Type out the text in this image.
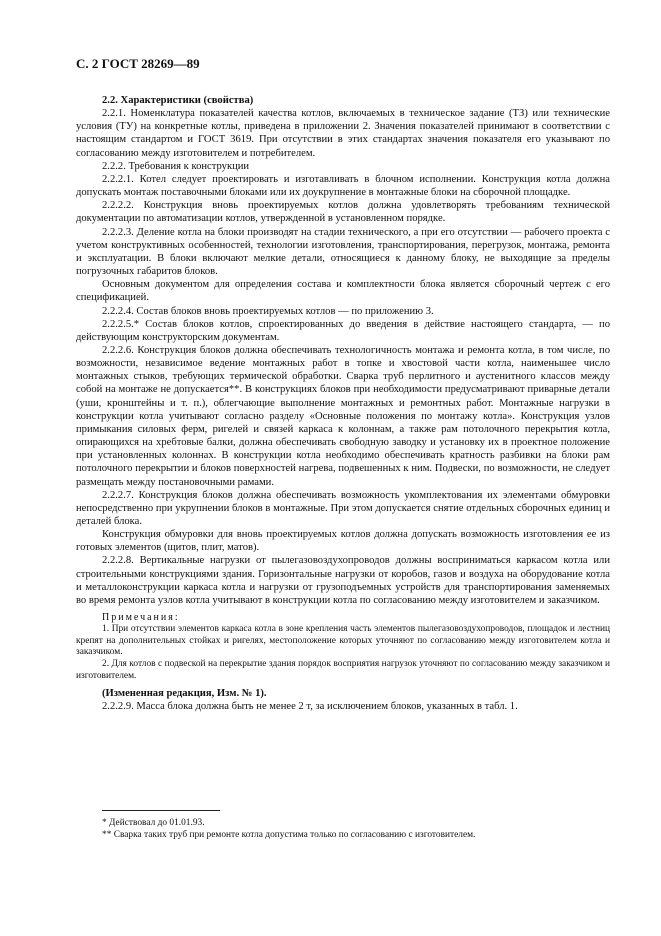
С. 2 ГОСТ 28269—89

2.2. Характеристики (свойства)

2.2.1. Номенклатура показателей качества котлов, включаемых в техническое задание (ТЗ) или технические условия (ТУ) на конкретные котлы, приведена в приложении 2. Значения показателей принимают в соответствии с настоящим стандартом и ГОСТ 3619. При отсутствии в этих стандартах значения показателя его указывают по согласованию между изготовителем и потребителем.

2.2.2. Требования к конструкции

2.2.2.1. Котел следует проектировать и изготавливать в блочном исполнении. Конструкция котла должна допускать монтаж поставочными блоками или их доукрупнение в монтажные блоки на сборочной площадке.

2.2.2.2. Конструкция вновь проектируемых котлов должна удовлетворять требованиям технической документации по автоматизации котлов, утвержденной в установленном порядке.

2.2.2.3. Деление котла на блоки производят на стадии технического, а при его отсутствии — рабочего проекта с учетом конструктивных особенностей, технологии изготовления, транспортирования, перегрузок, монтажа, ремонта и эксплуатации. В блоки включают мелкие детали, относящиеся к данному блоку, не выходящие за пределы погрузочных габаритов блоков.

Основным документом для определения состава и комплектности блока является сборочный чертеж с его спецификацией.

2.2.2.4. Состав блоков вновь проектируемых котлов — по приложению 3.

2.2.2.5.* Состав блоков котлов, спроектированных до введения в действие настоящего стандарта, — по действующим конструкторским документам.

2.2.2.6. Конструкция блоков должна обеспечивать технологичность монтажа и ремонта котла, в том числе, по возможности, независимое ведение монтажных работ в топке и хвостовой части котла, наименьшее число монтажных стыков, требующих термической обработки. Сварка труб перлитного и аустенитного классов между собой на монтаже не допускается**. В конструкциях блоков при необходимости предусматривают приварные детали (уши, кронштейны и т. п.), облегчающие выполнение монтажных и ремонтных работ. Монтажные нагрузки в конструкции котла учитывают согласно разделу «Основные положения по монтажу котла». Конструкция узлов примыкания силовых ферм, ригелей и связей каркаса к колоннам, а также рам потолочного перекрытия котла, опирающихся на хребтовые балки, должна обеспечивать свободную заводку и установку их в проектное положение при установленных колоннах. В конструкции котла необходимо обеспечивать кратность разбивки на блоки рам потолочного перекрытии и блоков поверхностей нагрева, подвешенных к ним. Подвески, по возможности, не следует размещать между постановочными рамами.

2.2.2.7. Конструкция блоков должна обеспечивать возможность укомплектования их элементами обмуровки непосредственно при укрупнении блоков в монтажные. При этом допускается снятие отдельных сборочных единиц и деталей блока.

Конструкция обмуровки для вновь проектируемых котлов должна допускать возможность изготовления ее из готовых элементов (щитов, плит, матов).

2.2.2.8. Вертикальные нагрузки от пылегазовоздухопроводов должны восприниматься каркасом котла или строительными конструкциями здания. Горизонтальные нагрузки от коробов, газов и воздуха на оборудование котла и металлоконструкции каркаса котла и нагрузки от грузоподъемных устройств для транспортирования заменяемых во время ремонта узлов котла учитывают в конструкции котла по согласованию между изготовителем и заказчиком.

Примечания:

1. При отсутствии элементов каркаса котла в зоне крепления часть элементов пылегазовоздухопроводов, площадок и лестниц крепят на дополнительных стойках и ригелях, местоположение которых уточняют по согласованию между изготовителем котла и заказчиком.

2. Для котлов с подвеской на перекрытие здания порядок восприятия нагрузок уточняют по согласованию между заказчиком и изготовителем.

(Измененная редакция, Изм. № 1).

2.2.2.9. Масса блока должна быть не менее 2 т, за исключением блоков, указанных в табл. 1.

* Действовал до 01.01.93.

** Сварка таких труб при ремонте котла допустима только по согласованию с изготовителем.
